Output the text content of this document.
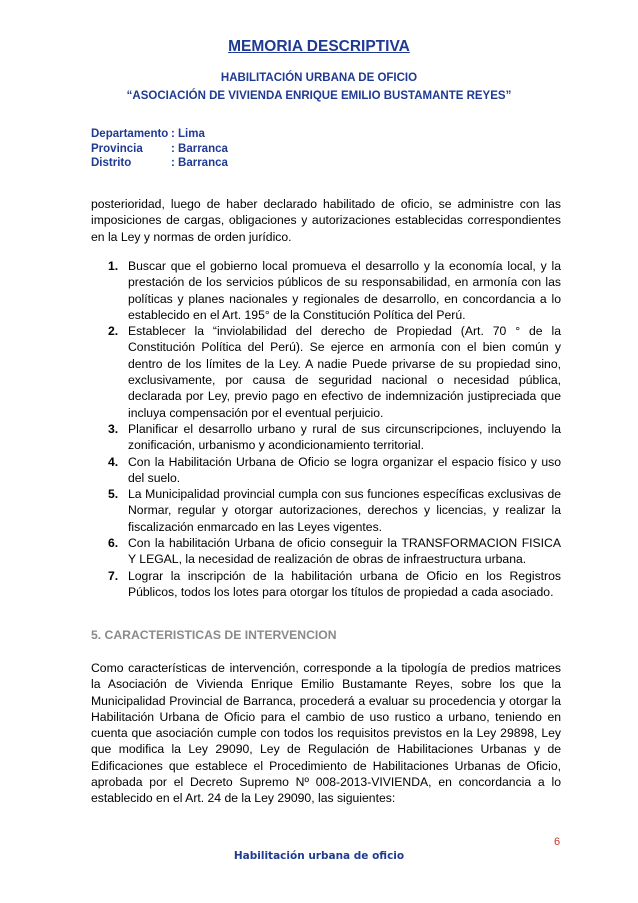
MEMORIA DESCRIPTIVA
HABILITACIÓN URBANA DE OFICIO
“ASOCIACIÓN DE VIVIENDA ENRIQUE EMILIO BUSTAMANTE REYES”
Departamento : Lima
Provincia : Barranca
Distrito	: Barranca
posterioridad, luego de haber declarado habilitado de oficio, se administre con las imposiciones de cargas, obligaciones y autorizaciones establecidas correspondientes en la Ley y normas de orden jurídico.
1. Buscar que el gobierno local promueva el desarrollo y la economía local, y la prestación de los servicios públicos de su responsabilidad, en armonía con las políticas y planes nacionales y regionales de desarrollo, en concordancia a lo establecido en el Art. 195° de la Constitución Política del Perú.
2. Establecer la “inviolabilidad del derecho de Propiedad (Art. 70 ° de la Constitución Política del Perú). Se ejerce en armonía con el bien común y dentro de los límites de la Ley. A nadie Puede privarse de su propiedad sino, exclusivamente, por causa de seguridad nacional o necesidad pública, declarada por Ley, previo pago en efectivo de indemnización justipreciada que incluya compensación por el eventual perjuicio.
3. Planificar el desarrollo urbano y rural de sus circunscripciones, incluyendo la zonificación, urbanismo y acondicionamiento territorial.
4. Con la Habilitación Urbana de Oficio se logra organizar el espacio físico y uso del suelo.
5. La Municipalidad provincial cumpla con sus funciones específicas exclusivas de Normar, regular y otorgar autorizaciones, derechos y licencias, y realizar la fiscalización enmarcado en las Leyes vigentes.
6. Con la habilitación Urbana de oficio conseguir la TRANSFORMACION FISICA Y LEGAL, la necesidad de realización de obras de infraestructura urbana.
7. Lograr la inscripción de la habilitación urbana de Oficio en los Registros Públicos, todos los lotes para otorgar los títulos de propiedad a cada asociado.
5. CARACTERISTICAS DE INTERVENCION
Como características de intervención, corresponde a la tipología de predios matrices la Asociación de Vivienda Enrique Emilio Bustamante Reyes, sobre los que la Municipalidad Provincial de Barranca, procederá a evaluar su procedencia y otorgar la Habilitación Urbana de Oficio para el cambio de uso rustico a urbano, teniendo en cuenta que asociación cumple con todos los requisitos previstos en la Ley 29898, Ley que modifica la Ley 29090, Ley de Regulación de Habilitaciones Urbanas y de Edificaciones que establece el Procedimiento de Habilitaciones Urbanas de Oficio, aprobada por el Decreto Supremo Nº 008-2013-VIVIENDA, en concordancia a lo establecido en el Art. 24 de la Ley 29090, las siguientes:
6
Habilitación urbana de oficio
